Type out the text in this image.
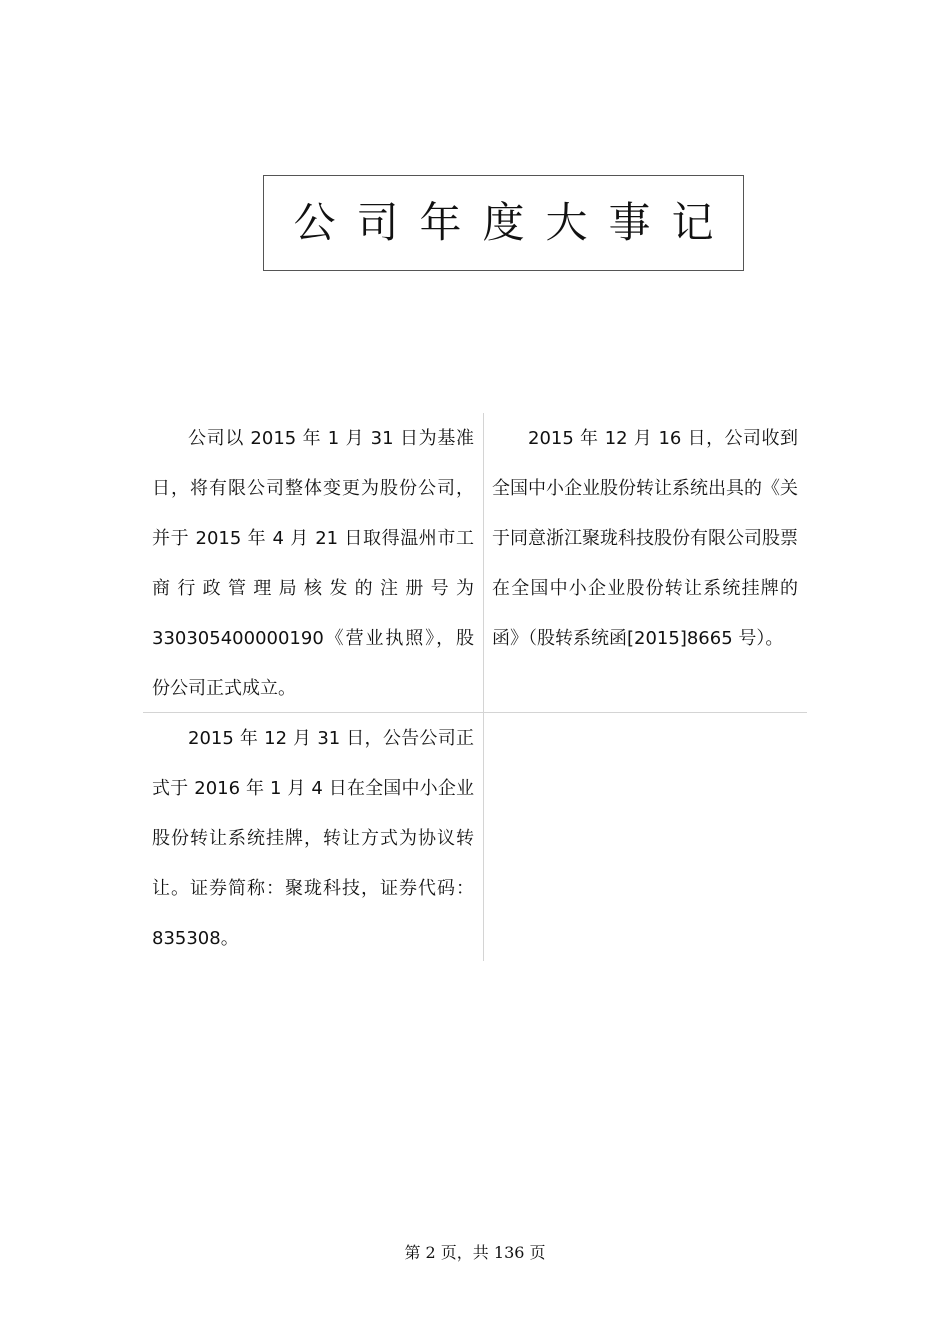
公司年度大事记

公司以 2015 年 1 月 31 日为基准日，将有限公司整体变更为股份公司，并于 2015 年 4 月 21 日取得温州市工商行政管理局核发的注册号为 330305400000190《营业执照》，股份公司正式成立。

2015 年 12 月 16 日，公司收到全国中小企业股份转让系统出具的《关于同意浙江聚珑科技股份有限公司股票在全国中小企业股份转让系统挂牌的函》（股转系统函[2015]8665 号）。

2015 年 12 月 31 日，公告公司正式于 2016 年 1 月 4 日在全国中小企业股份转让系统挂牌，转让方式为协议转让。证券简称：聚珑科技，证券代码：835308。

第 2 页，共 136 页
